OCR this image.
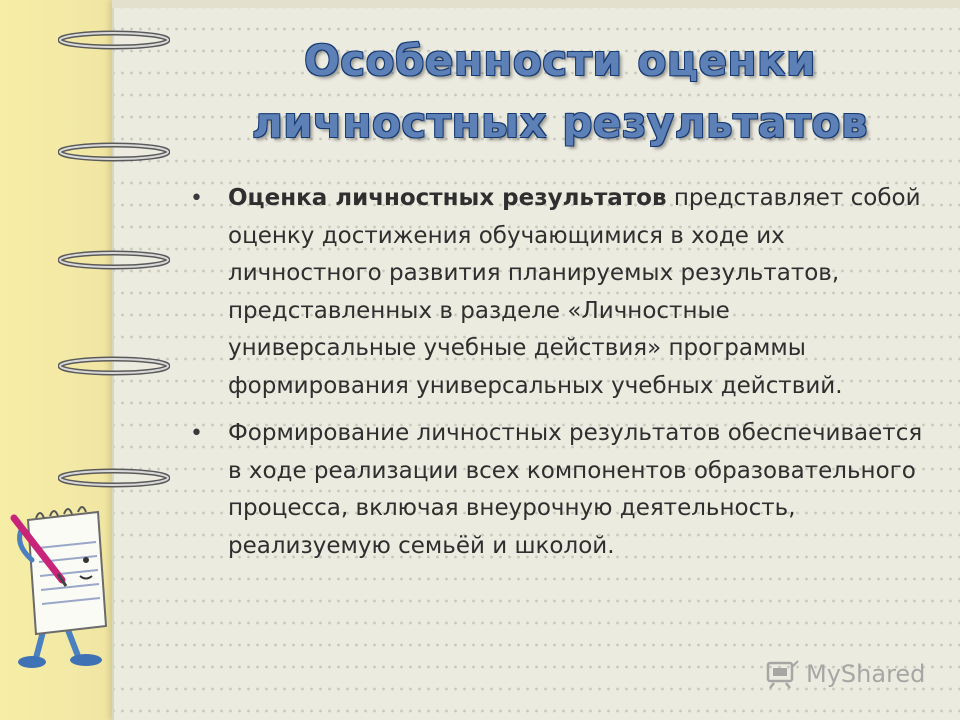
Особенности оценки
личностных результатов
• Оценка личностных результатов представляет собой оценку достижения обучающимися в ходе их личностного развития планируемых результатов, представленных в разделе «Личностные универсальные учебные действия» программы формирования универсальных учебных действий.
• Формирование личностных результатов обеспечивается в ходе реализации всех компонентов образовательного процесса, включая внеурочную деятельность, реализуемую семьёй и школой.
MyShared
